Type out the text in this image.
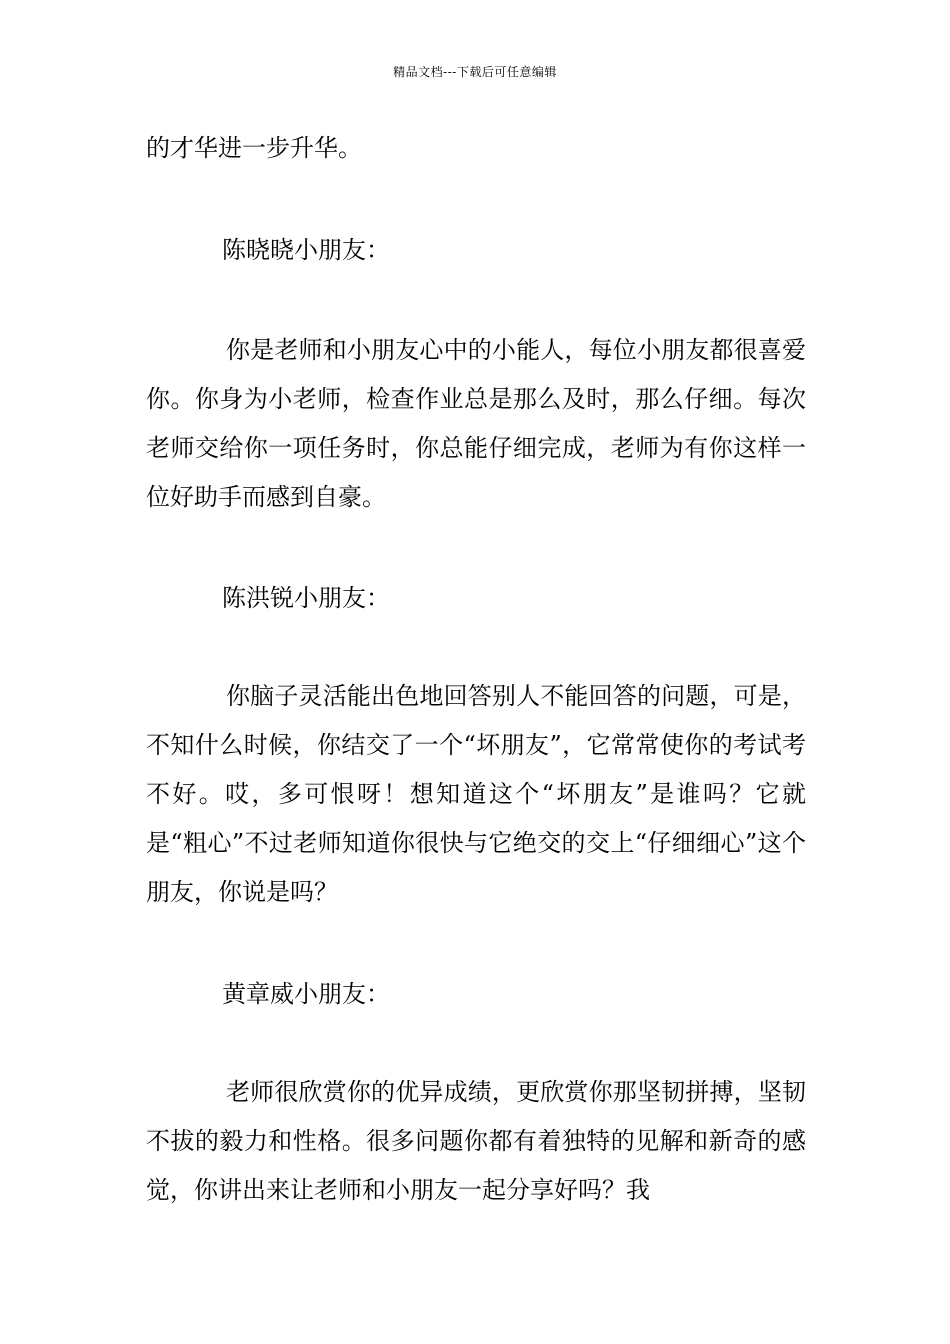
精品文档---下载后可任意编辑

的才华进一步升华。

陈晓晓小朋友：

你是老师和小朋友心中的小能人，每位小朋友都很喜爱你。你身为小老师，检查作业总是那么及时，那么仔细。每次老师交给你一项任务时，你总能仔细完成，老师为有你这样一位好助手而感到自豪。

陈洪锐小朋友：

你脑子灵活能出色地回答别人不能回答的问题，可是，不知什么时候，你结交了一个“坏朋友”，它常常使你的考试考不好。哎，多可恨呀！想知道这个“坏朋友”是谁吗？它就是“粗心”不过老师知道你很快与它绝交的交上“仔细细心”这个朋友，你说是吗？

黄章威小朋友：

老师很欣赏你的优异成绩，更欣赏你那坚韧拼搏，坚韧不拔的毅力和性格。很多问题你都有着独特的见解和新奇的感觉，你讲出来让老师和小朋友一起分享好吗？我
